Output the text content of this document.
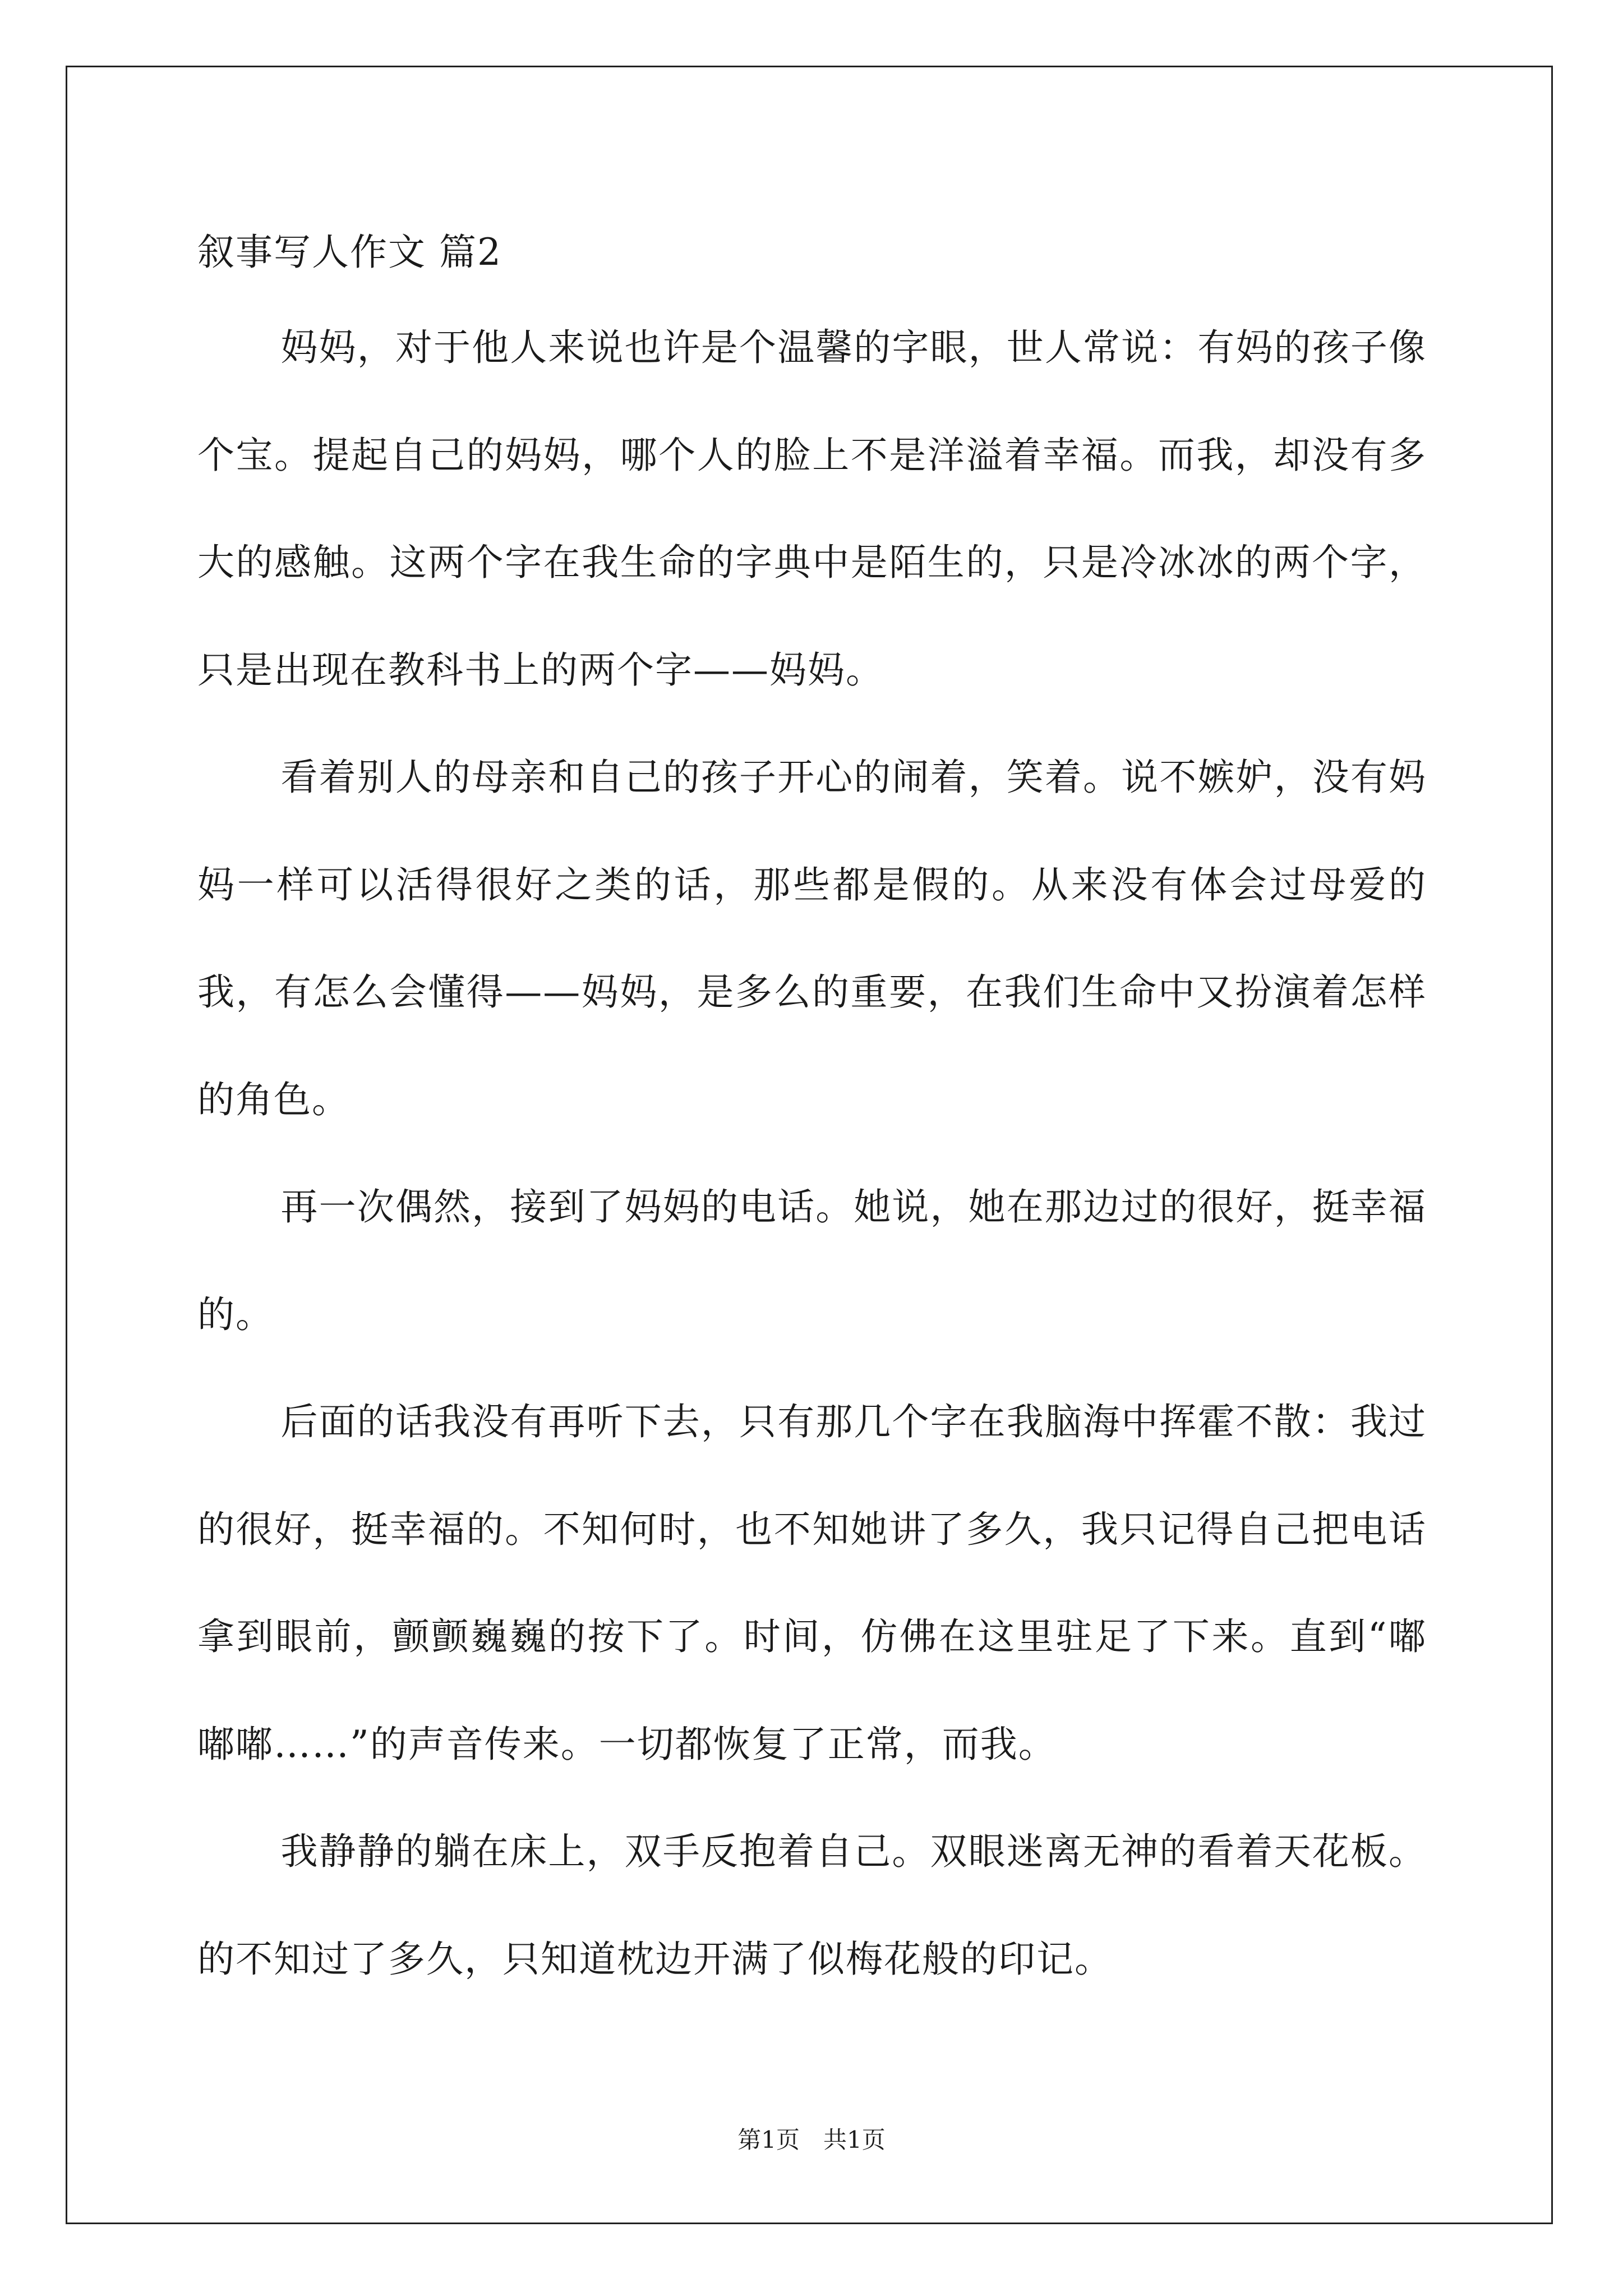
叙事写人作文 篇2

妈妈，对于他人来说也许是个温馨的字眼，世人常说：有妈的孩子像个宝。提起自己的妈妈，哪个人的脸上不是洋溢着幸福。而我，却没有多大的感触。这两个字在我生命的字典中是陌生的，只是冷冰冰的两个字，只是出现在教科书上的两个字——妈妈。

看着别人的母亲和自己的孩子开心的闹着，笑着。说不嫉妒，没有妈妈一样可以活得很好之类的话，那些都是假的。从来没有体会过母爱的我，有怎么会懂得——妈妈，是多么的重要，在我们生命中又扮演着怎样的角色。

再一次偶然，接到了妈妈的电话。她说，她在那边过的很好，挺幸福的。

后面的话我没有再听下去，只有那几个字在我脑海中挥霍不散：我过的很好，挺幸福的。不知何时，也不知她讲了多久，我只记得自己把电话拿到眼前，颤颤巍巍的按下了。时间，仿佛在这里驻足了下来。直到“嘟嘟嘟……”的声音传来。一切都恢复了正常，而我。

我静静的躺在床上，双手反抱着自己。双眼迷离无神的看着天花板。的不知过了多久，只知道枕边开满了似梅花般的印记。

第1页　共1页
